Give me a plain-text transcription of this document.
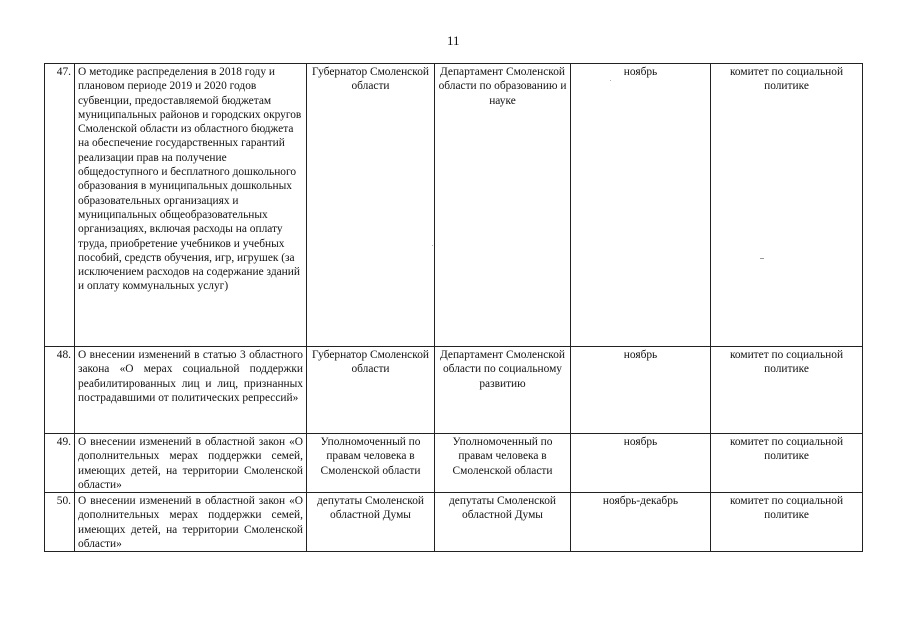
11
47.	О методике распределения в 2018 году и плановом периоде 2019 и 2020 годов субвенции, предоставляемой бюджетам муниципальных районов и городских округов Смоленской области из областного бюджета на обеспечение государственных гарантий реализации прав на получение общедоступного и бесплатного дошкольного образования в муниципальных дошкольных образовательных организациях и муниципальных общеобразовательных организациях, включая расходы на оплату труда, приобретение учебников и учебных пособий, средств обучения, игр, игрушек (за исключением расходов на содержание зданий и оплату коммунальных услуг)	Губернатор Смоленской области	Департамент Смоленской области по образованию и науке	ноябрь	комитет по социальной политике
48.	О внесении изменений в статью 3 областного закона «О мерах социальной поддержки реабилитированных лиц и лиц, признанных пострадавшими от политических репрессий»	Губернатор Смоленской области	Департамент Смоленской области по социальному развитию	ноябрь	комитет по социальной политике
49.	О внесении изменений в областной закон «О дополнительных мерах поддержки семей, имеющих детей, на территории Смоленской области»	Уполномоченный по правам человека в Смоленской области	Уполномоченный по правам человека в Смоленской области	ноябрь	комитет по социальной политике
50.	О внесении изменений в областной закон «О дополнительных мерах поддержки семей, имеющих детей, на территории Смоленской области»	депутаты Смоленской областной Думы	депутаты Смоленской областной Думы	ноябрь-декабрь	комитет по социальной политике
